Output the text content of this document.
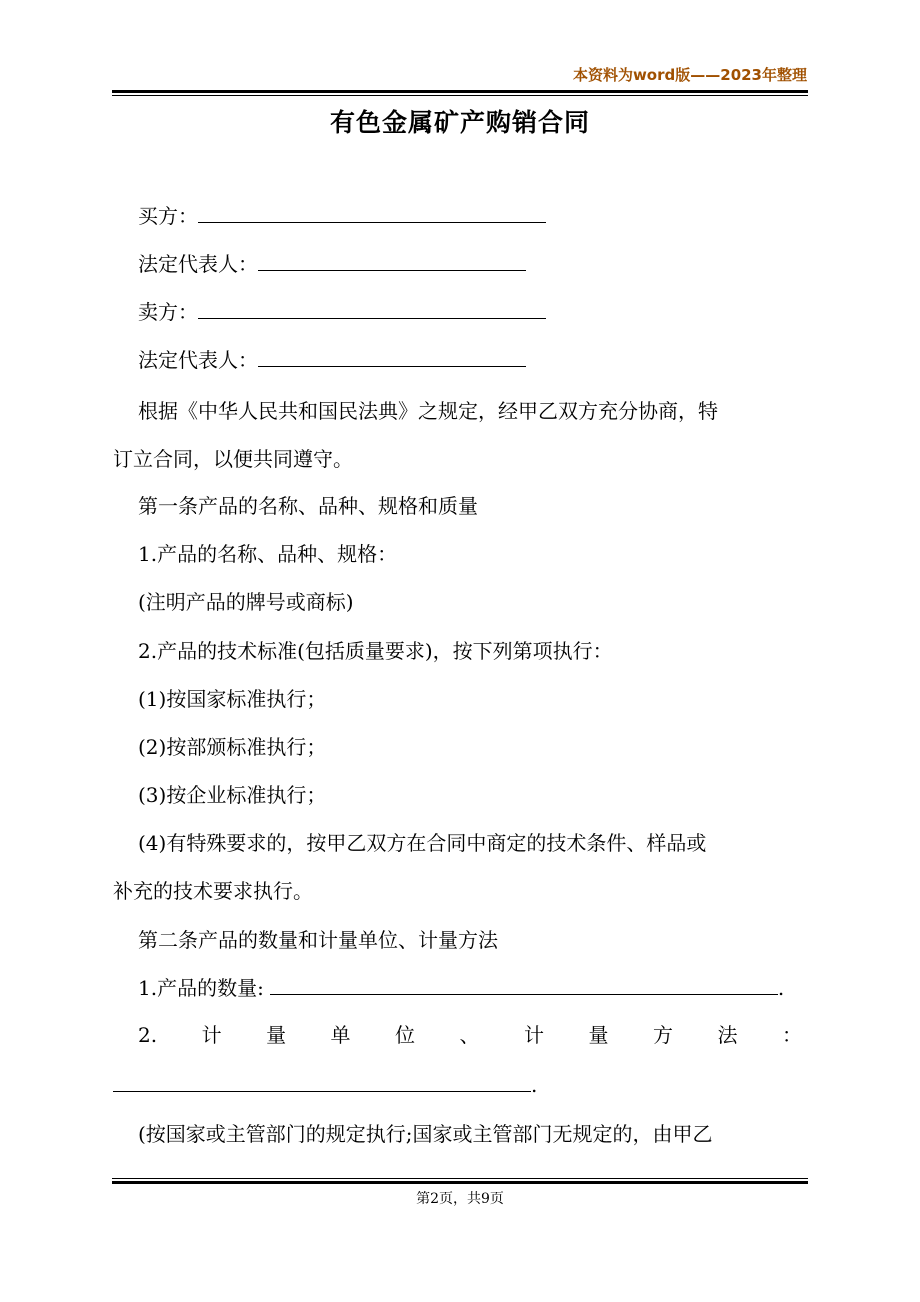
本资料为word版——2023年整理
有色金属矿产购销合同
买方：
法定代表人：
卖方：
法定代表人：
根据《中华人民共和国民法典》之规定，经甲乙双方充分协商，特
订立合同，以便共同遵守。
第一条产品的名称、品种、规格和质量
1.产品的名称、品种、规格：
(注明产品的牌号或商标)
2.产品的技术标准(包括质量要求)，按下列第项执行：
(1)按国家标准执行；
(2)按部颁标准执行；
(3)按企业标准执行；
(4)有特殊要求的，按甲乙双方在合同中商定的技术条件、样品或
补充的技术要求执行。
第二条产品的数量和计量单位、计量方法
1.产品的数量:	.
2. 计 量 单 位 、 计 量 方 法 ：
.
(按国家或主管部门的规定执行;国家或主管部门无规定的，由甲乙
第2页，共9页
